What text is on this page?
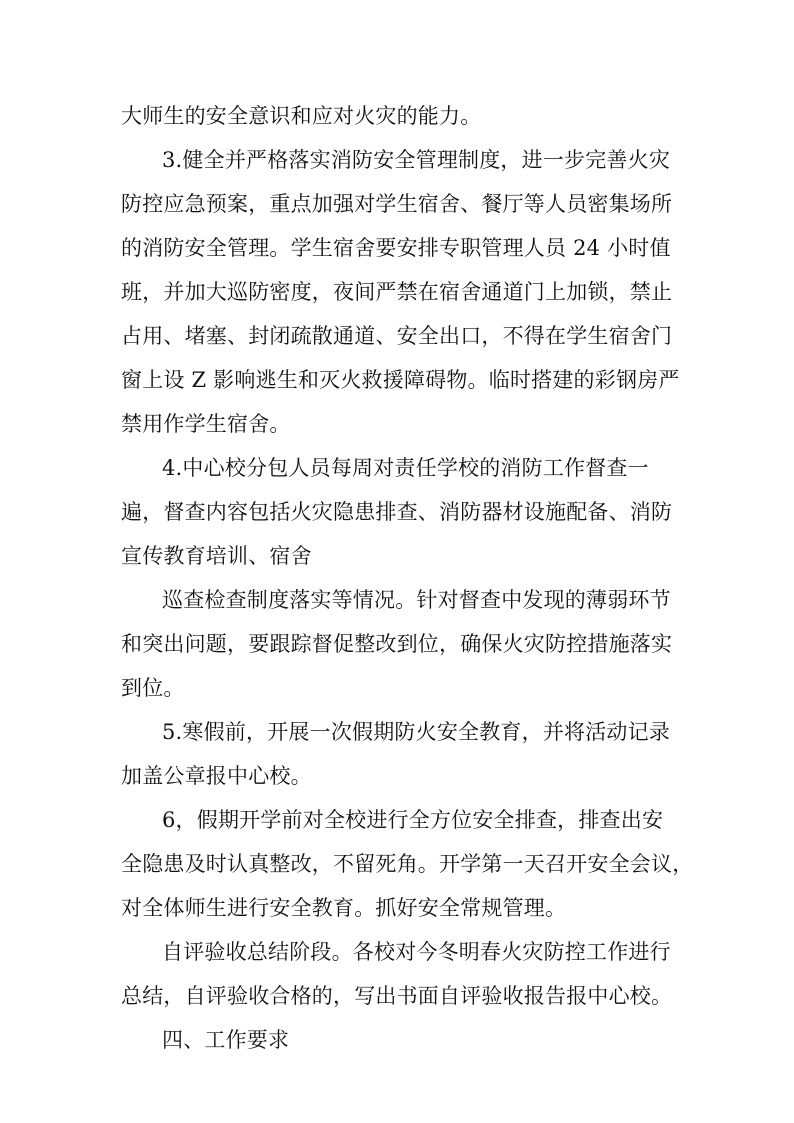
大师生的安全意识和应对火灾的能力。
3.健全并严格落实消防安全管理制度，进一步完善火灾
防控应急预案，重点加强对学生宿舍、餐厅等人员密集场所
的消防安全管理。学生宿舍要安排专职管理人员 24 小时值
班，并加大巡防密度，夜间严禁在宿舍通道门上加锁，禁止
占用、堵塞、封闭疏散通道、安全出口，不得在学生宿舍门
窗上设 Z 影响逃生和灭火救援障碍物。临时搭建的彩钢房严
禁用作学生宿舍。
4.中心校分包人员每周对责任学校的消防工作督查一
遍，督查内容包括火灾隐患排查、消防器材设施配备、消防
宣传教育培训、宿舍
巡查检查制度落实等情况。针对督查中发现的薄弱环节
和突出问题，要跟踪督促整改到位，确保火灾防控措施落实
到位。
5.寒假前，开展一次假期防火安全教育，并将活动记录
加盖公章报中心校。
6，假期开学前对全校进行全方位安全排查，排查出安
全隐患及时认真整改，不留死角。开学第一天召开安全会议，
对全体师生进行安全教育。抓好安全常规管理。
自评验收总结阶段。各校对今冬明春火灾防控工作进行
总结，自评验收合格的，写出书面自评验收报告报中心校。
四、工作要求
